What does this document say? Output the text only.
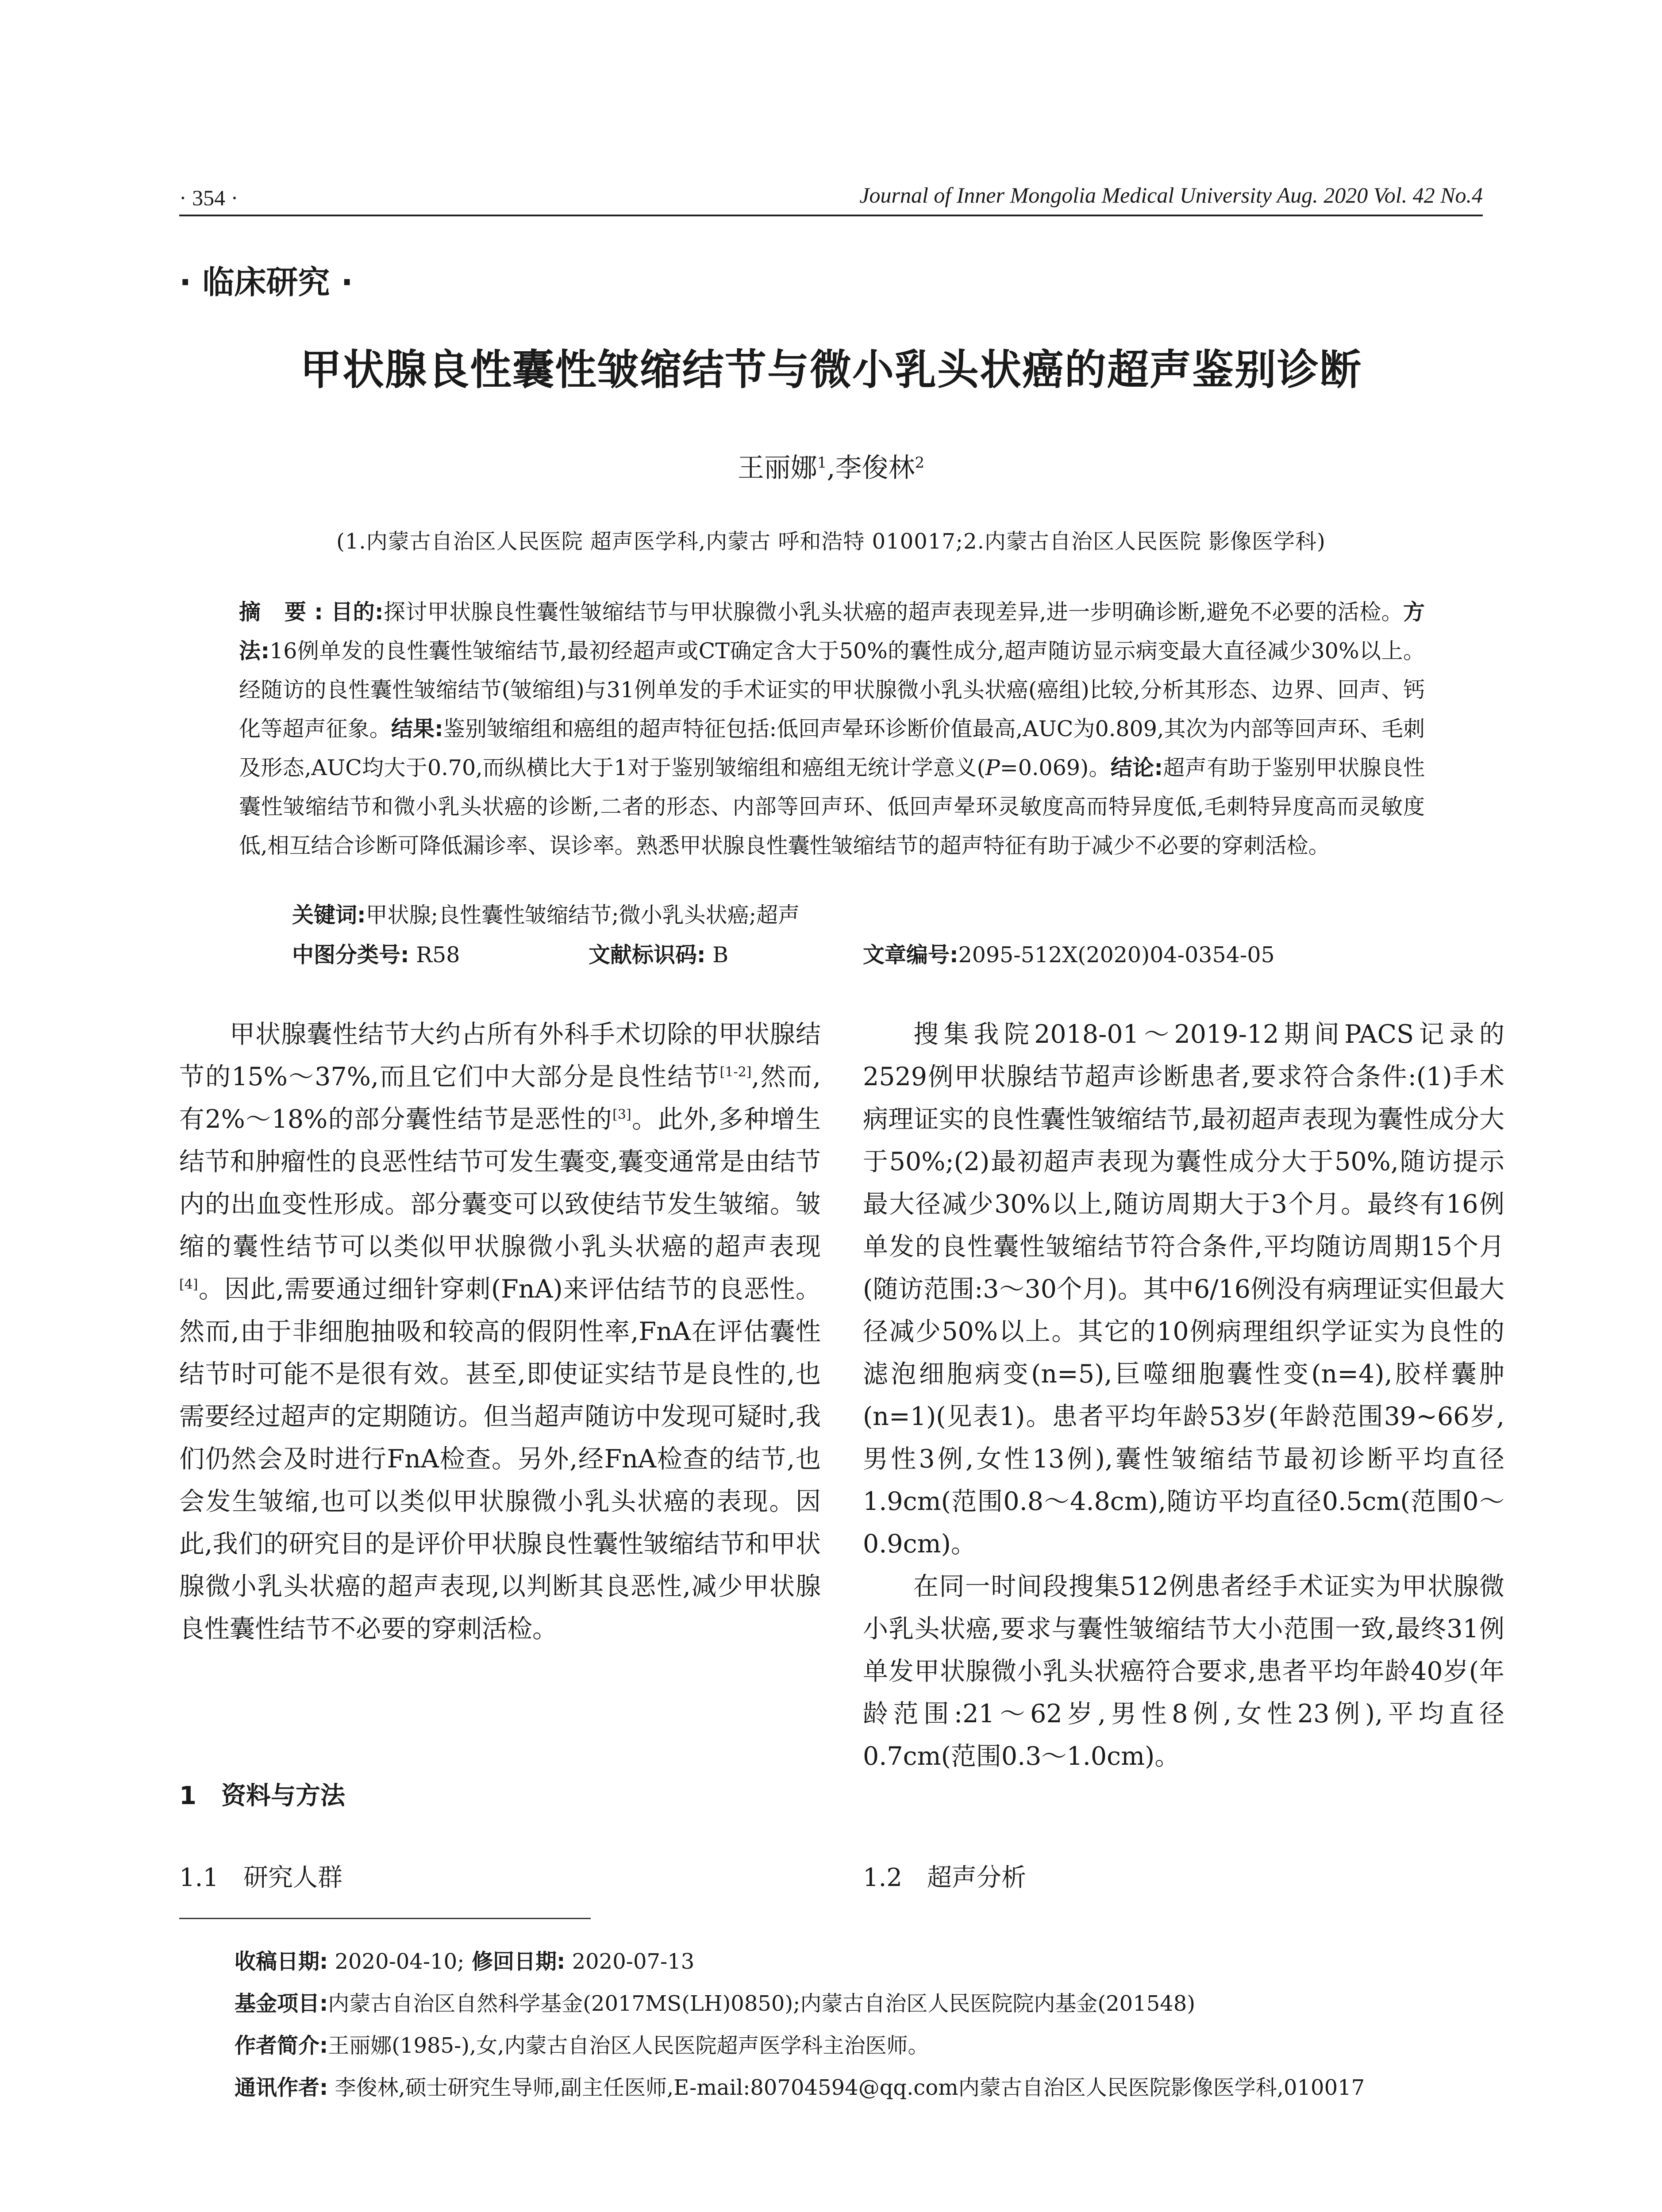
· 354 ·	Journal of Inner Mongolia Medical University Aug. 2020 Vol. 42 No.4
· 临床研究 ·
甲状腺良性囊性皱缩结节与微小乳头状癌的超声鉴别诊断
王丽娜$^1$,李俊林$^2$
(1.内蒙古自治区人民医院 超声医学科,内蒙古 呼和浩特 010017;2.内蒙古自治区人民医院 影像医学科)
摘 要:目的:探讨甲状腺良性囊性皱缩结节与甲状腺微小乳头状癌的超声表现差异,进一步明确诊断,避免不必要的活检。方法:16例单发的良性囊性皱缩结节,最初经超声或CT确定含大于50%的囊性成分,超声随访显示病变最大直径减少30%以上。经随访的良性囊性皱缩结节(皱缩组)与31例单发的手术证实的甲状腺微小乳头状癌(癌组)比较,分析其形态、边界、回声、钙化等超声征象。结果:鉴别皱缩组和癌组的超声特征包括:低回声晕环诊断价值最高,AUC为0.809,其次为内部等回声环、毛刺及形态,AUC均大于0.70,而纵横比大于1对于鉴别皱缩组和癌组无统计学意义(P=0.069)。结论:超声有助于鉴别甲状腺良性囊性皱缩结节和微小乳头状癌的诊断,二者的形态、内部等回声环、低回声晕环灵敏度高而特异度低,毛刺特异度高而灵敏度低,相互结合诊断可降低漏诊率、误诊率。熟悉甲状腺良性囊性皱缩结节的超声特征有助于减少不必要的穿刺活检。
关键词:甲状腺;良性囊性皱缩结节;微小乳头状癌;超声
中图分类号: R58	文献标识码: B	文章编号:2095-512X(2020)04-0354-05

甲状腺囊性结节大约占所有外科手术切除的甲状腺结节的15%～37%,而且它们中大部分是良性结节[1-2],然而,有2%～18%的部分囊性结节是恶性的[3]。此外,多种增生结节和肿瘤性的良恶性结节可发生囊变,囊变通常是由结节内的出血变性形成。部分囊变可以致使结节发生皱缩。皱缩的囊性结节可以类似甲状腺微小乳头状癌的超声表现[4]。因此,需要通过细针穿刺(FnA)来评估结节的良恶性。然而,由于非细胞抽吸和较高的假阴性率,FnA在评估囊性结节时可能不是很有效。甚至,即使证实结节是良性的,也需要经过超声的定期随访。但当超声随访中发现可疑时,我们仍然会及时进行FnA检查。另外,经FnA检查的结节,也会发生皱缩,也可以类似甲状腺微小乳头状癌的表现。因此,我们的研究目的是评价甲状腺良性囊性皱缩结节和甲状腺微小乳头状癌的超声表现,以判断其良恶性,减少甲状腺良性囊性结节不必要的穿刺活检。

搜集我院2018-01～2019-12期间PACS记录的2529例甲状腺结节超声诊断患者,要求符合条件:(1)手术病理证实的良性囊性皱缩结节,最初超声表现为囊性成分大于50%;(2)最初超声表现为囊性成分大于50%,随访提示最大径减少30%以上,随访周期大于3个月。最终有16例单发的良性囊性皱缩结节符合条件,平均随访周期15个月(随访范围:3～30个月)。其中6/16例没有病理证实但最大径减少50%以上。其它的10例病理组织学证实为良性的滤泡细胞病变(n=5),巨噬细胞囊性变(n=4),胶样囊肿(n=1)(见表1)。患者平均年龄53岁(年龄范围39~66岁,男性3例,女性13例),囊性皱缩结节最初诊断平均直径1.9cm(范围0.8～4.8cm),随访平均直径0.5cm(范围0～0.9cm)。

在同一时间段搜集512例患者经手术证实为甲状腺微小乳头状癌,要求与囊性皱缩结节大小范围一致,最终31例单发甲状腺微小乳头状癌符合要求,患者平均年龄40岁(年龄范围:21～62岁,男性8例,女性23例),平均直径0.7cm(范围0.3～1.0cm)。

1　资料与方法
1.1　研究人群	1.2　超声分析
收稿日期: 2020-04-10; 修回日期: 2020-07-13
基金项目:内蒙古自治区自然科学基金(2017MS(LH)0850);内蒙古自治区人民医院院内基金(201548)
作者简介:王丽娜(1985-),女,内蒙古自治区人民医院超声医学科主治医师。
通讯作者: 李俊林,硕士研究生导师,副主任医师,E-mail:80704594@qq.com内蒙古自治区人民医院影像医学科,010017
